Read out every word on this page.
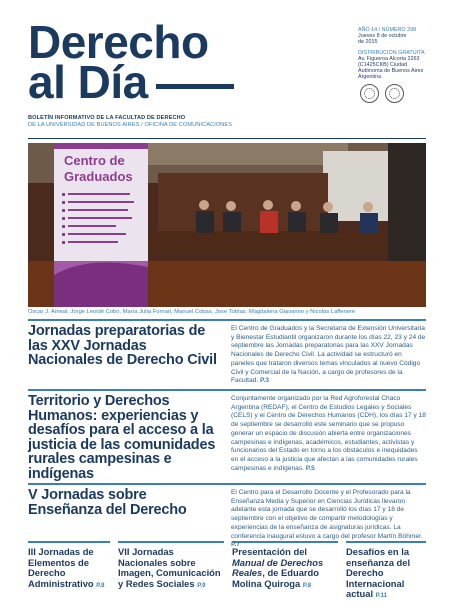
Derecho
al Día
BOLETÍN INFORMATIVO DE LA FACULTAD DE DERECHO
DE LA UNIVERSIDAD DE BUENOS AIRES / OFICINA DE COMUNICACIONES
AÑO 14 / NÚMERO 298
Jueves 8 de octubre
de 2015
DISTRIBUCIÓN GRATUITA
Av. Figueroa Alcorta 2263
(C1425CKB) Ciudad
Autónoma de Buenos Aires
Argentina
Centro de
Graduados
Oscar J. Ameal, Jorge Leoidé Cobo, María Julia Fornari, Manuel Cobas, Jose Tobías, Magdalena Giavarino y Nicolás Laffenere
Jornadas preparatorias de las XXV Jornadas Nacionales de Derecho Civil

El Centro de Graduados y la Secretaría de Extensión Universitaria y Bienestar Estudiantil organizaron durante los días 22, 23 y 24 de septiembre las Jornadas preparatorias para las XXV Jornadas Nacionales de Derecho Civil. La actividad se estructuró en paneles que trataron diversos temas vinculados al nuevo Código Civil y Comercial de la Nación, a cargo de profesores de la Facultad. P.3

Territorio y Derechos Humanos: experiencias y desafíos para el acceso a la justicia de las comunidades rurales campesinas e indígenas

Conjuntamente organizado por la Red Agroforestal Chaco Argentina (REDAF), el Centro de Estudios Legales y Sociales (CELS) y el Centro de Derechos Humanos (CDH), los días 17 y 18 de septiembre se desarrolló este seminario que se propuso generar un espacio de discusión abierta entre organizaciones campesinas e indígenas, académicos, estudiantes, activistas y funcionarios del Estado en torno a los obstáculos e inequidades en el acceso a la justicia que afectan a las comunidades rurales campesinas e indígenas. P.5

V Jornadas sobre Enseñanza del Derecho

El Centro para el Desarrollo Docente y el Profesorado para la Enseñanza Media y Superior en Ciencias Jurídicas llevaron adelante esta jornada que se desarrolló los días 17 y 18 de septiembre con el objetivo de compartir metodologías y experiencias de la enseñanza de asignaturas jurídicas. La conferencia inaugural estuvo a cargo del profesor Martín Böhmer. P.7

III Jornadas de Elementos de Derecho Administrativo P.8
VII Jornadas Nacionales sobre Imagen, Comunicación y Redes Sociales P.9
Presentación del Manual de Derechos Reales, de Eduardo Molina Quiroga P.8
Desafíos en la enseñanza del Derecho Internacional actual P.11
